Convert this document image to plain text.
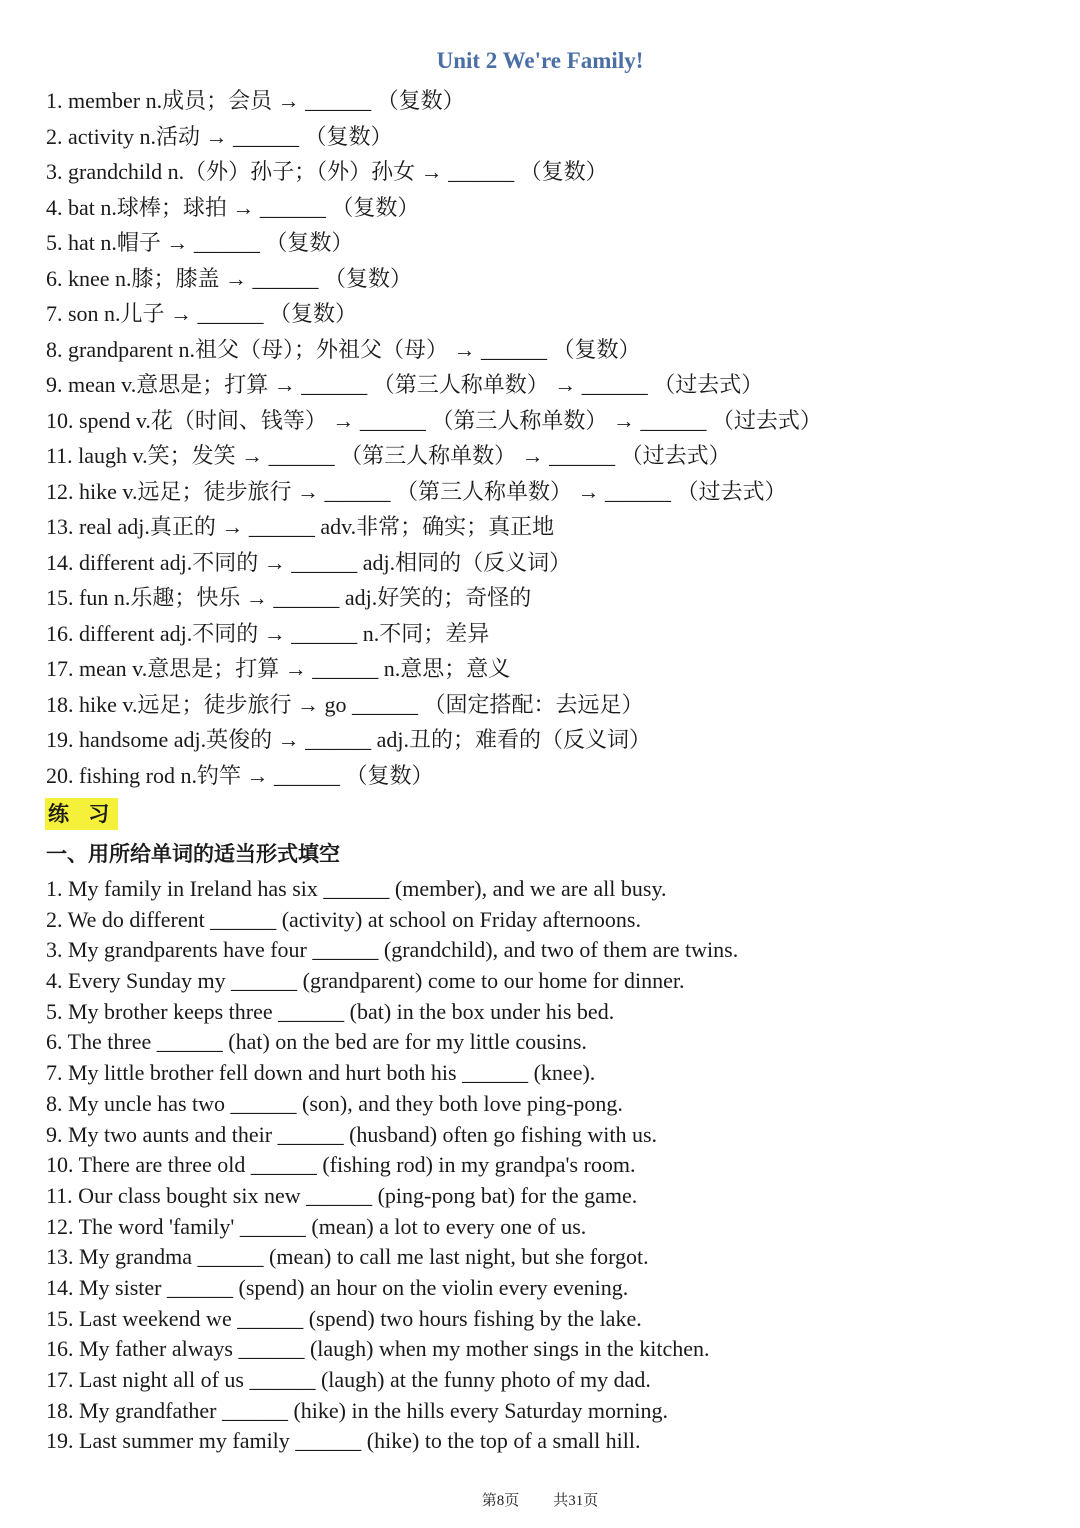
Unit 2 We're Family!
1. member n.成员；会员 → ______ （复数）
2. activity n.活动 → ______ （复数）
3. grandchild n.（外）孙子；（外）孙女 → ______ （复数）
4. bat n.球棒；球拍 → ______ （复数）
5. hat n.帽子 → ______ （复数）
6. knee n.膝；膝盖 → ______ （复数）
7. son n.儿子 → ______ （复数）
8. grandparent n.祖父（母）；外祖父（母） → ______ （复数）
9. mean v.意思是；打算 → ______ （第三人称单数） → ______ （过去式）
10. spend v.花（时间、钱等） → ______ （第三人称单数） → ______ （过去式）
11. laugh v.笑；发笑 → ______ （第三人称单数） → ______ （过去式）
12. hike v.远足；徒步旅行 → ______ （第三人称单数） → ______ （过去式）
13. real adj.真正的 → ______ adv.非常；确实；真正地
14. different adj.不同的 → ______ adj.相同的（反义词）
15. fun n.乐趣；快乐 → ______ adj.好笑的；奇怪的
16. different adj.不同的 → ______ n.不同；差异
17. mean v.意思是；打算 → ______ n.意思；意义
18. hike v.远足；徒步旅行 → go ______ （固定搭配：去远足）
19. handsome adj.英俊的 → ______ adj.丑的；难看的（反义词）
20. fishing rod n.钓竿 → ______ （复数）
练 习
一、用所给单词的适当形式填空
1. My family in Ireland has six ______ (member), and we are all busy.
2. We do different ______ (activity) at school on Friday afternoons.
3. My grandparents have four ______ (grandchild), and two of them are twins.
4. Every Sunday my ______ (grandparent) come to our home for dinner.
5. My brother keeps three ______ (bat) in the box under his bed.
6. The three ______ (hat) on the bed are for my little cousins.
7. My little brother fell down and hurt both his ______ (knee).
8. My uncle has two ______ (son), and they both love ping-pong.
9. My two aunts and their ______ (husband) often go fishing with us.
10. There are three old ______ (fishing rod) in my grandpa's room.
11. Our class bought six new ______ (ping-pong bat) for the game.
12. The word 'family' ______ (mean) a lot to every one of us.
13. My grandma ______ (mean) to call me last night, but she forgot.
14. My sister ______ (spend) an hour on the violin every evening.
15. Last weekend we ______ (spend) two hours fishing by the lake.
16. My father always ______ (laugh) when my mother sings in the kitchen.
17. Last night all of us ______ (laugh) at the funny photo of my dad.
18. My grandfather ______ (hike) in the hills every Saturday morning.
19. Last summer my family ______ (hike) to the top of a small hill.
第8页 共31页
